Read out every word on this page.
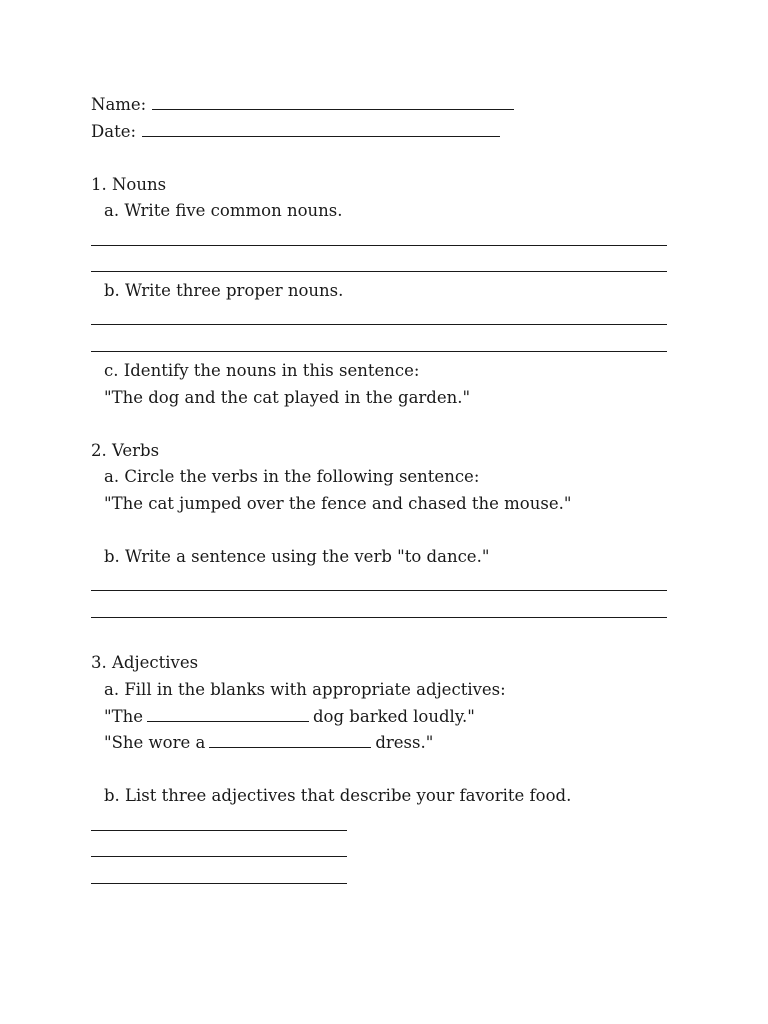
Name:
Date:
1. Nouns
a. Write five common nouns.
b. Write three proper nouns.
c. Identify the nouns in this sentence:
"The dog and the cat played in the garden."
2. Verbs
a. Circle the verbs in the following sentence:
"The cat jumped over the fence and chased the mouse."
b. Write a sentence using the verb "to dance."
3. Adjectives
a. Fill in the blanks with appropriate adjectives:
"The	dog barked loudly."
"She wore a	dress."
b. List three adjectives that describe your favorite food.
